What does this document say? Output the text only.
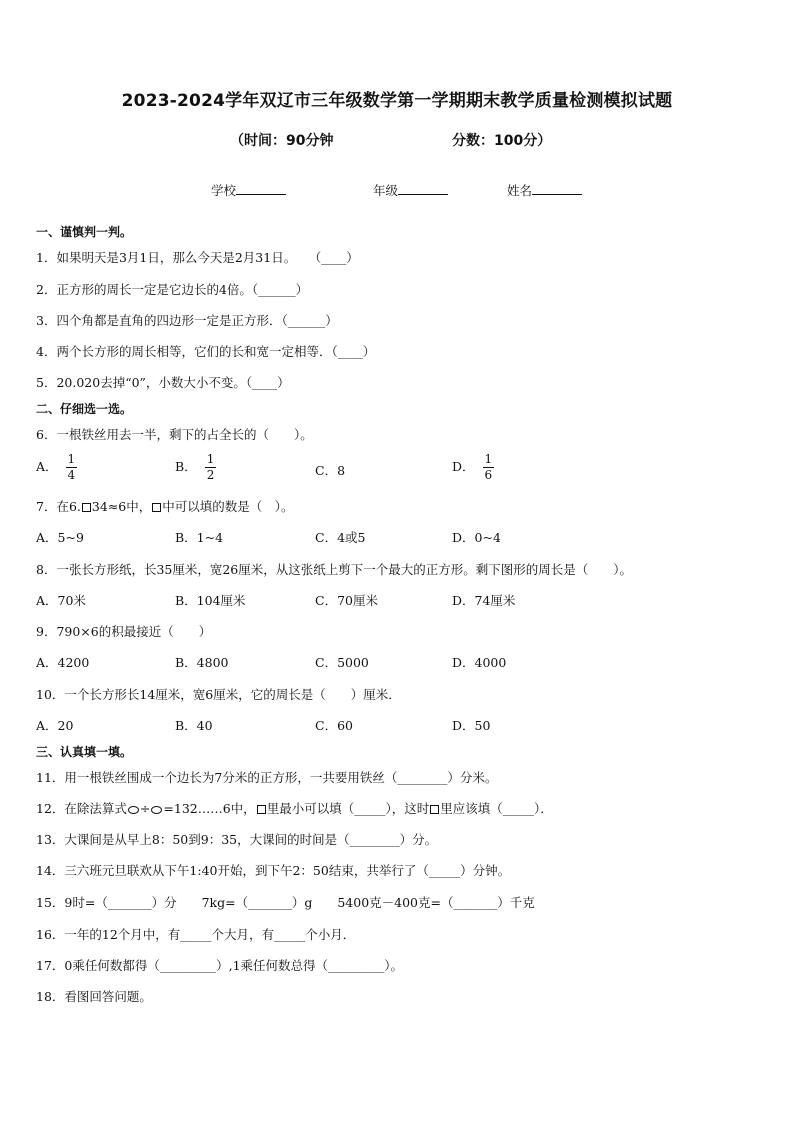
2023-2024学年双辽市三年级数学第一学期期末教学质量检测模拟试题
（时间：90分钟	分数：100分）
学校	年级	姓名
一、谨慎判一判。
1．如果明天是3月1日，那么今天是2月31日。　　（____）
2．正方形的周长一定是它边长的4倍。（______）
3．四个角都是直角的四边形一定是正方形．（______）
4．两个长方形的周长相等，它们的长和宽一定相等．（____）
5．20.020去掉“0”，小数大小不变。（____）
二、仔细选一选。
6．一根铁丝用去一半，剩下的占全长的（　　）。
A． $\frac{1}{4}$	B． $\frac{1}{2}$	C．8	D． $\frac{1}{6}$
7．在6. 34≈6中， 中可以填的数是（　）。
A．5~9	B．1~4	C．4或5	D．0~4
8．一张长方形纸，长35厘米，宽26厘米，从这张纸上剪下一个最大的正方形。剩下图形的周长是（　　）。
A．70米	B．104厘米	C．70厘米	D．74厘米
9．790×6的积最接近（　　）
A．4200	B．4800	C．5000	D．4000
10．一个长方形长14厘米，宽6厘米，它的周长是（　　）厘米．
A．20	B．40	C．60	D．50
三、认真填一填。
11．用一根铁丝围成一个边长为7分米的正方形，一共要用铁丝（________）分米。
12．在除法算式 ÷ =132……6中， 里最小可以填（_____），这时 里应该填（_____）．
13．大课间是从早上8：50到9：35，大课间的时间是（________）分。
14．三六班元旦联欢从下午1:40开始，到下午2：50结束，共举行了（_____）分钟。
15．9时=（_______）分　　7kg=（_______）g　　5400克－400克=（_______）千克
16．一年的12个月中，有_____个大月，有_____个小月．
17．0乘任何数都得（_________）,1乘任何数总得（_________）。
18．看图回答问题。
